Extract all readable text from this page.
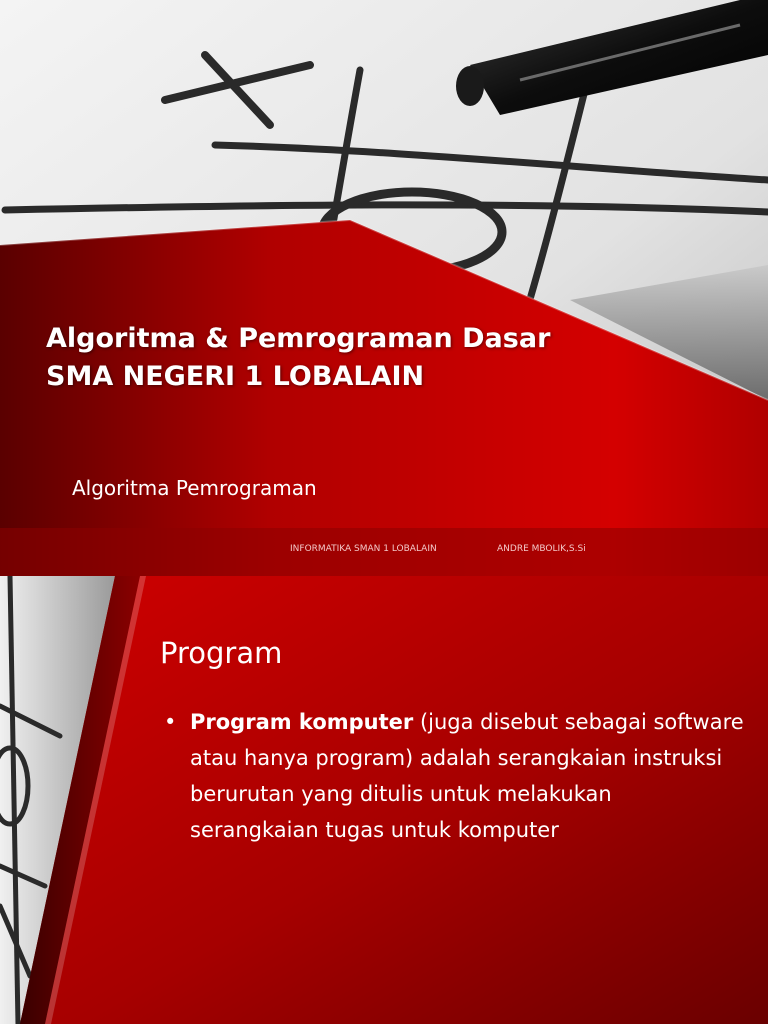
Algoritma & Pemrograman Dasar
SMA NEGERI 1 LOBALAIN
Algoritma Pemrograman
INFORMATIKA SMAN 1 LOBALAIN	ANDRE MBOLIK,S.Si
Program
• Program komputer (juga disebut sebagai software atau hanya program) adalah serangkaian instruksi berurutan yang ditulis untuk melakukan serangkaian tugas untuk komputer
